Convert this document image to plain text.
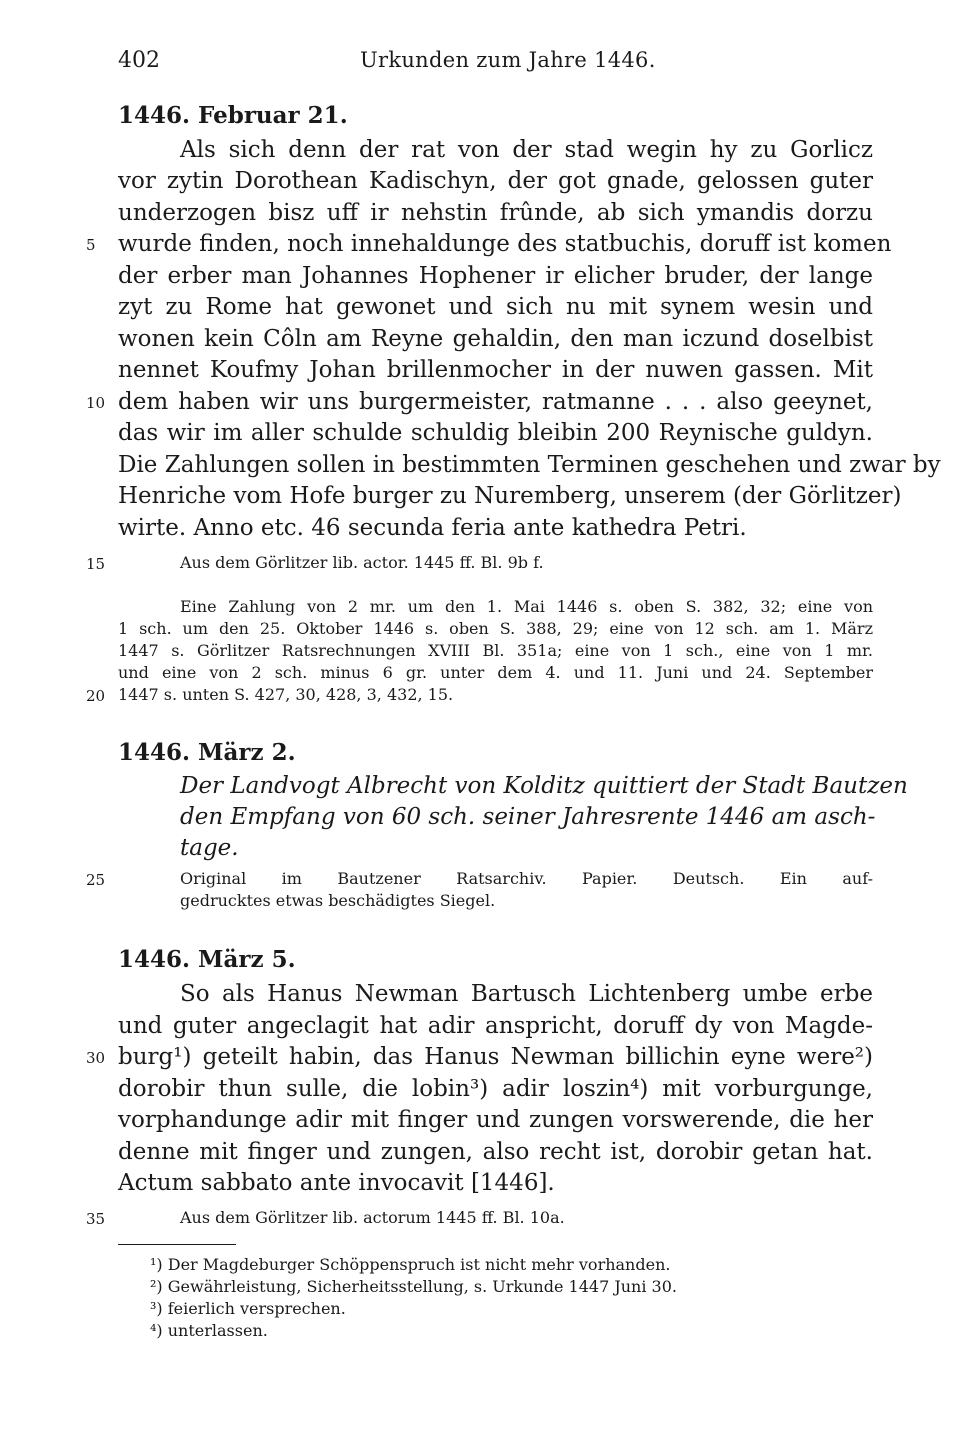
402	Urkunden zum Jahre 1446.
1446. Februar 21.
Als sich denn der rat von der stad wegin hy zu Gorlicz
vor zytin Dorothean Kadischyn, der got gnade, gelossen guter
underzogen bisz uff ir nehstin frûnde, ab sich ymandis dorzu
wurde finden, noch innehaldunge des statbuchis, doruff ist komen
der erber man Johannes Hophener ir elicher bruder, der lange
zyt zu Rome hat gewonet und sich nu mit synem wesin und
wonen kein Côln am Reyne gehaldin, den man iczund doselbist
nennet Koufmy Johan brillenmocher in der nuwen gassen. Mit
dem haben wir uns burgermeister, ratmanne . . . also geeynet,
das wir im aller schulde schuldig bleibin 200 Reynische guldyn.
Die Zahlungen sollen in bestimmten Terminen geschehen und zwar by
Henriche vom Hofe burger zu Nuremberg, unserem (der Görlitzer)
wirte. Anno etc. 46 secunda feria ante kathedra Petri.
Aus dem Görlitzer lib. actor. 1445 ff. Bl. 9b f.
Eine Zahlung von 2 mr. um den 1. Mai 1446 s. oben S. 382, 32; eine von
1 sch. um den 25. Oktober 1446 s. oben S. 388, 29; eine von 12 sch. am 1. März
1447 s. Görlitzer Ratsrechnungen XVIII Bl. 351a; eine von 1 sch., eine von 1 mr.
und eine von 2 sch. minus 6 gr. unter dem 4. und 11. Juni und 24. September
1447 s. unten S. 427, 30, 428, 3, 432, 15.
1446. März 2.
Der Landvogt Albrecht von Kolditz quittiert der Stadt Bautzen
den Empfang von 60 sch. seiner Jahresrente 1446 am asch-
tage.
Original im Bautzener Ratsarchiv. Papier. Deutsch. Ein auf-
gedrucktes etwas beschädigtes Siegel.
1446. März 5.
So als Hanus Newman Bartusch Lichtenberg umbe erbe
und guter angeclagit hat adir anspricht, doruff dy von Magde-
burg¹) geteilt habin, das Hanus Newman billichin eyne were²)
dorobir thun sulle, die lobin³) adir loszin⁴) mit vorburgunge,
vorphandunge adir mit finger und zungen vorswerende, die her
denne mit finger und zungen, also recht ist, dorobir getan hat.
Actum sabbato ante invocavit [1446].
Aus dem Görlitzer lib. actorum 1445 ff. Bl. 10a.
5
10
15
20
25
30
35
¹) Der Magdeburger Schöppenspruch ist nicht mehr vorhanden.
²) Gewährleistung, Sicherheitsstellung, s. Urkunde 1447 Juni 30.
³) feierlich versprechen.
⁴) unterlassen.
